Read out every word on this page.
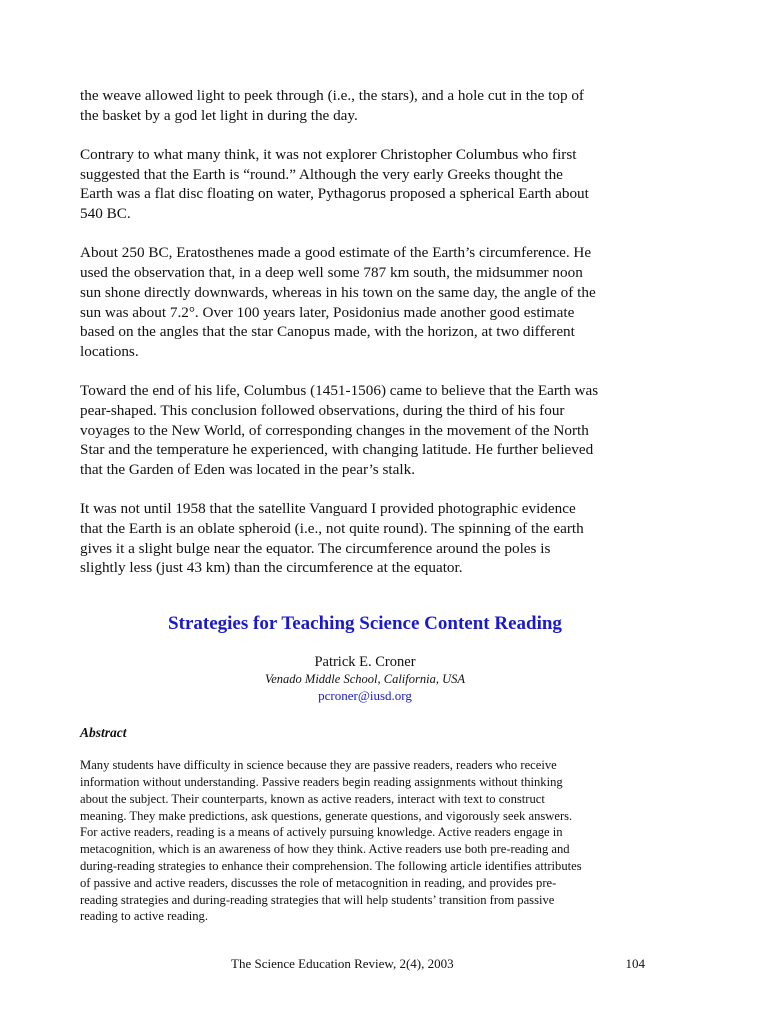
the weave allowed light to peek through (i.e., the stars), and a hole cut in the top of
the basket by a god let light in during the day.

Contrary to what many think, it was not explorer Christopher Columbus who first
suggested that the Earth is “round.” Although the very early Greeks thought the
Earth was a flat disc floating on water, Pythagorus proposed a spherical Earth about
540 BC.

About 250 BC, Eratosthenes made a good estimate of the Earth’s circumference. He
used the observation that, in a deep well some 787 km south, the midsummer noon
sun shone directly downwards, whereas in his town on the same day, the angle of the
sun was about 7.2°. Over 100 years later, Posidonius made another good estimate
based on the angles that the star Canopus made, with the horizon, at two different
locations.

Toward the end of his life, Columbus (1451-1506) came to believe that the Earth was
pear-shaped. This conclusion followed observations, during the third of his four
voyages to the New World, of corresponding changes in the movement of the North
Star and the temperature he experienced, with changing latitude. He further believed
that the Garden of Eden was located in the pear’s stalk.

It was not until 1958 that the satellite Vanguard I provided photographic evidence
that the Earth is an oblate spheroid (i.e., not quite round). The spinning of the earth
gives it a slight bulge near the equator. The circumference around the poles is
slightly less (just 43 km) than the circumference at the equator.

Strategies for Teaching Science Content Reading
Patrick E. Croner
Venado Middle School, California, USA
pcroner@iusd.org
Abstract
Many students have difficulty in science because they are passive readers, readers who receive
information without understanding. Passive readers begin reading assignments without thinking
about the subject. Their counterparts, known as active readers, interact with text to construct
meaning. They make predictions, ask questions, generate questions, and vigorously seek answers.
For active readers, reading is a means of actively pursuing knowledge. Active readers engage in
metacognition, which is an awareness of how they think. Active readers use both pre-reading and
during-reading strategies to enhance their comprehension. The following article identifies attributes
of passive and active readers, discusses the role of metacognition in reading, and provides pre-
reading strategies and during-reading strategies that will help students’ transition from passive
reading to active reading.
The Science Education Review, 2(4), 2003	104
